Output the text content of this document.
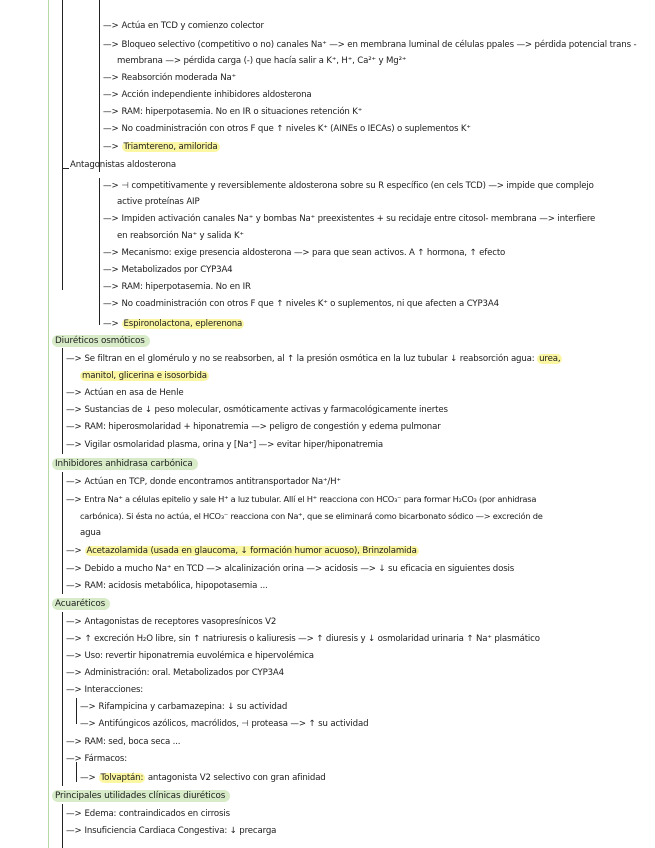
—> Actúa en TCD y comienzo colector
—> Bloqueo selectivo (competitivo o no) canales Na⁺ —> en membrana luminal de células ppales —> pérdida potencial trans -
membrana —> pérdida carga (-) que hacía salir a K⁺, H⁺, Ca²⁺ y Mg²⁺
—> Reabsorción moderada Na⁺
—> Acción independiente inhibidores aldosterona
—> RAM: hiperpotasemia. No en IR o situaciones retención K⁺
—> No coadministración con otros F que ↑ niveles K⁺ (AINEs o IECAs) o suplementos K⁺
—> Triamtereno, amilorida
Antagonistas aldosterona
—> ⊣ competitivamente y reversiblemente aldosterona sobre su R específico (en cels TCD) —> impide que complejo
active proteínas AIP
—> Impiden activación canales Na⁺ y bombas Na⁺ preexistentes + su recidaje entre citosol- membrana —> interfiere
en reabsorción Na⁺ y salida K⁺
—> Mecanismo: exige presencia aldosterona —> para que sean activos. A ↑ hormona, ↑ efecto
—> Metabolizados por CYP3A4
—> RAM: hiperpotasemia. No en IR
—> No coadministración con otros F que ↑ niveles K⁺ o suplementos, ni que afecten a CYP3A4
—> Espironolactona, eplerenona
Diuréticos osmóticos
—> Se filtran en el glomérulo y no se reabsorben, al ↑ la presión osmótica en la luz tubular ↓ reabsorción agua: urea,
manitol, glicerina e isosorbida
—> Actúan en asa de Henle
—> Sustancias de ↓ peso molecular, osmóticamente activas y farmacológicamente inertes
—> RAM: hiperosmolaridad + hiponatremia —> peligro de congestión y edema pulmonar
—> Vigilar osmolaridad plasma, orina y [Na⁺] —> evitar hiper/hiponatremia
Inhibidores anhidrasa carbónica
—> Actúan en TCP, donde encontramos antitransportador Na⁺/H⁺
—> Entra Na⁺ a células epitelio y sale H⁺ a luz tubular. Allí el H⁺ reacciona con HCO₃⁻ para formar H₂CO₃ (por anhidrasa
carbónica). Si ésta no actúa, el HCO₃⁻ reacciona con Na⁺, que se eliminará como bicarbonato sódico —> excreción de
agua
—> Acetazolamida (usada en glaucoma, ↓ formación humor acuoso), Brinzolamida
—> Debido a mucho Na⁺ en TCD —> alcalinización orina —> acidosis —> ↓ su eficacia en siguientes dosis
—> RAM: acidosis metabólica, hipopotasemia ...
Acuaréticos
—> Antagonistas de receptores vasopresínicos V2
—> ↑ excreción H₂O libre, sin ↑ natriuresis o kaliuresis —> ↑ diuresis y ↓ osmolaridad urinaria ↑ Na⁺ plasmático
—> Uso: revertir hiponatremia euvolémica e hipervolémica
—> Administración: oral. Metabolizados por CYP3A4
—> Interacciones:
—> Rifampicina y carbamazepina: ↓ su actividad
—> Antifúngicos azólicos, macrólidos, ⊣ proteasa —> ↑ su actividad
—> RAM: sed, boca seca ...
—> Fármacos:
—> Tolvaptán: antagonista V2 selectivo con gran afinidad
Principales utilidades clínicas diuréticos
—> Edema: contraindicados en cirrosis
—> Insuficiencia Cardiaca Congestiva: ↓ precarga
